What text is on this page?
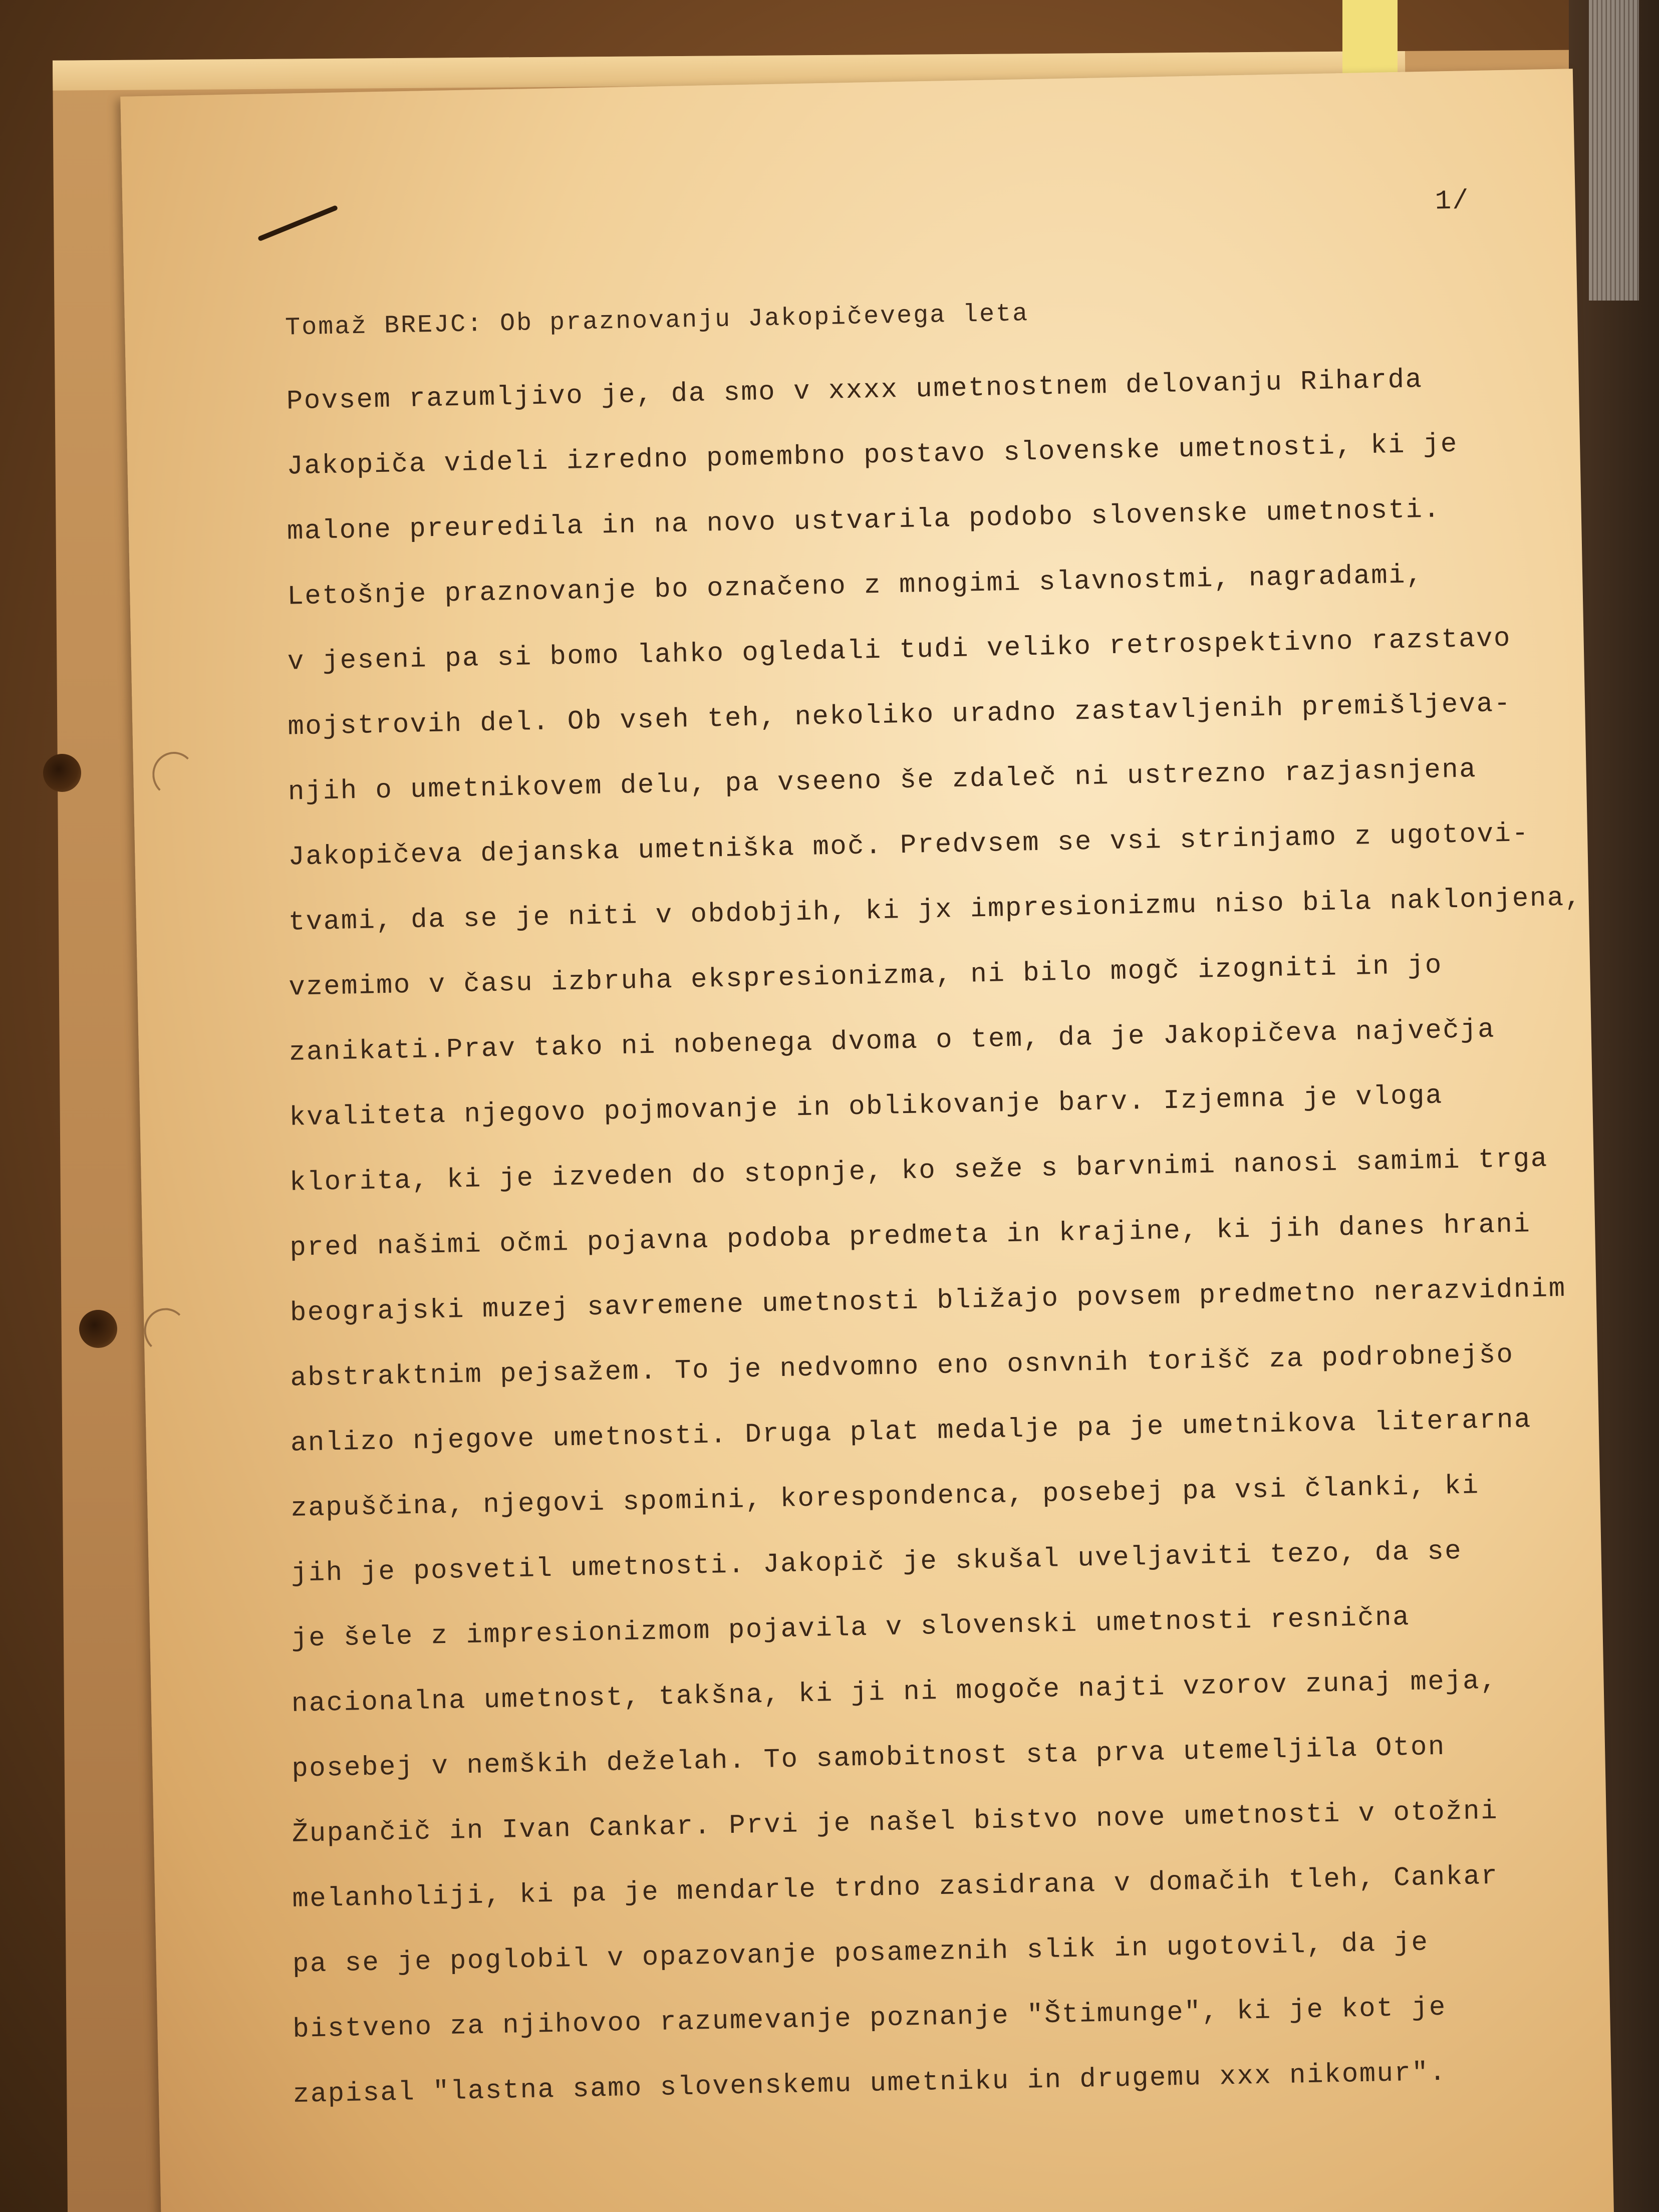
1/
Tomaž BREJC: Ob praznovanju Jakopičevega leta
Povsem razumljivo je, da smo v xxxx umetnostnem delovanju Riharda
Jakopiča videli izredno pomembno postavo slovenske umetnosti, ki je
malone preuredila in na novo ustvarila podobo slovenske umetnosti.
Letošnje praznovanje bo označeno z mnogimi slavnostmi, nagradami,
v jeseni pa si bomo lahko ogledali tudi veliko retrospektivno razstavo
mojstrovih del. Ob vseh teh, nekoliko uradno zastavljenih premišljeva-
njih o umetnikovem delu, pa vseeno še zdaleč ni ustrezno razjasnjena
Jakopičeva dejanska umetniška moč. Predvsem se vsi strinjamo z ugotovi-
tvami, da se je niti v obdobjih, ki jx impresionizmu niso bila naklonjena,
vzemimo v času izbruha ekspresionizma, ni bilo mogč izogniti in jo
zanikati.Prav tako ni nobenega dvoma o tem, da je Jakopičeva največja
kvaliteta njegovo pojmovanje in oblikovanje barv. Izjemna je vloga
klorita, ki je izveden do stopnje, ko seže s barvnimi nanosi samimi trga
pred našimi očmi pojavna podoba predmeta in krajine, ki jih danes hrani
beograjski muzej savremene umetnosti bližajo povsem predmetno nerazvidnim
abstraktnim pejsažem. To je nedvomno eno osnvnih torišč za podrobnejšo
anlizo njegove umetnosti. Druga plat medalje pa je umetnikova literarna
zapuščina, njegovi spomini, korespondenca, posebej pa vsi članki, ki
jih je posvetil umetnosti. Jakopič je skušal uveljaviti tezo, da se
je šele z impresionizmom pojavila v slovenski umetnosti resnična
nacionalna umetnost, takšna, ki ji ni mogoče najti vzorov zunaj meja,
posebej v nemških deželah. To samobitnost sta prva utemeljila Oton
Župančič in Ivan Cankar. Prvi je našel bistvo nove umetnosti v otožni
melanholiji, ki pa je mendarle trdno zasidrana v domačih tleh, Cankar
pa se je poglobil v opazovanje posameznih slik in ugotovil, da je
bistveno za njihovoo razumevanje poznanje "Štimunge", ki je kot je
zapisal "lastna samo slovenskemu umetniku in drugemu xxx nikomur".
